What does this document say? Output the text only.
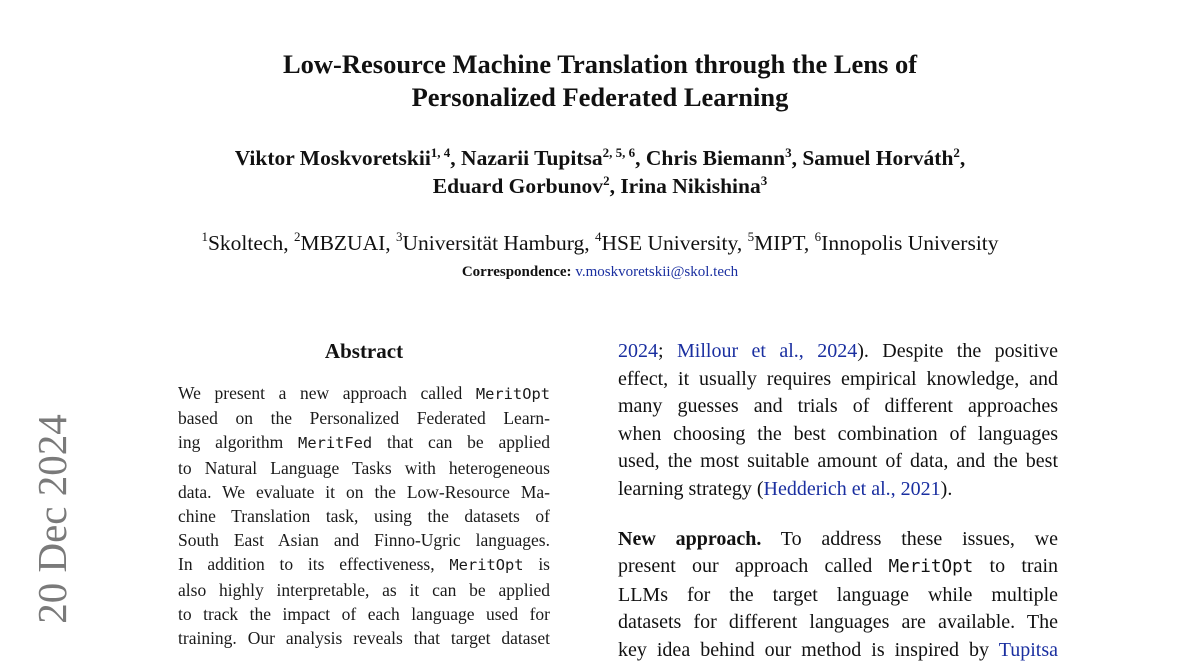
20 Dec 2024
Low-Resource Machine Translation through the Lens of
Personalized Federated Learning
Viktor Moskvoretskii$^{1, 4}$, Nazarii Tupitsa$^{2, 5, 6}$, Chris Biemann$^3$, Samuel Horváth$^2$,
Eduard Gorbunov$^2$, Irina Nikishina$^3$
$^1$Skoltech, $^2$MBZUAI, $^3$Universität Hamburg, $^4$HSE University, $^5$MIPT, $^6$Innopolis University
Correspondence: v.moskvoretskii@skol.tech
Abstract
We present a new approach called MeritOpt
based on the Personalized Federated Learn-
ing algorithm MeritFed that can be applied
to Natural Language Tasks with heterogeneous
data. We evaluate it on the Low-Resource Ma-
chine Translation task, using the datasets of
South East Asian and Finno-Ugric languages.
In addition to its effectiveness, MeritOpt is
also highly interpretable, as it can be applied
to track the impact of each language used for
training. Our analysis reveals that target dataset
2024; Millour et al., 2024). Despite the positive
effect, it usually requires empirical knowledge, and
many guesses and trials of different approaches
when choosing the best combination of languages
used, the most suitable amount of data, and the best
learning strategy (Hedderich et al., 2021).
New approach. To address these issues, we
present our approach called MeritOpt to train
LLMs for the target language while multiple
datasets for different languages are available. The
key idea behind our method is inspired by Tupitsa
